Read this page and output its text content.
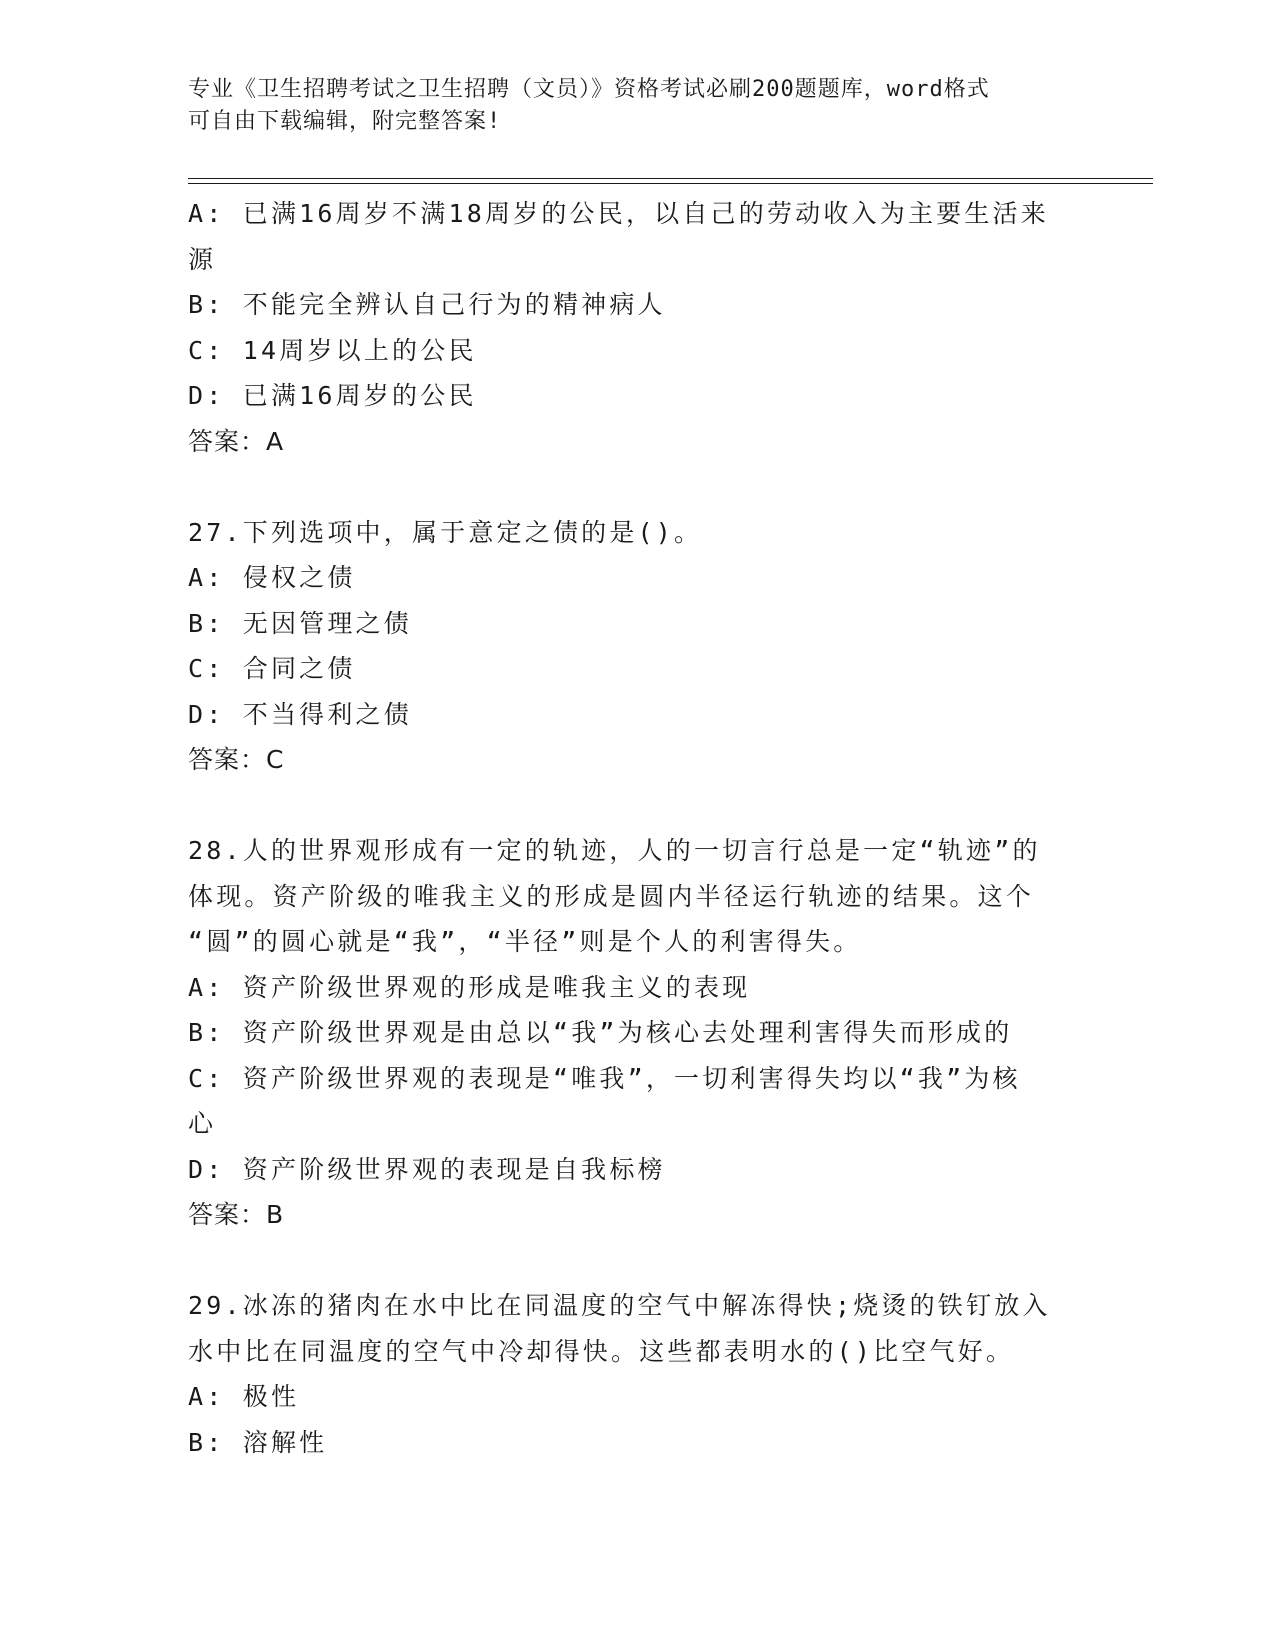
专业《卫生招聘考试之卫生招聘（文员）》资格考试必刷200题题库，word格式
可自由下载编辑，附完整答案!
A: 已满16周岁不满18周岁的公民，以自己的劳动收入为主要生活来
源
B: 不能完全辨认自己行为的精神病人
C: 14周岁以上的公民
D: 已满16周岁的公民
答案：A
27.下列选项中，属于意定之债的是()。
A: 侵权之债
B: 无因管理之债
C: 合同之债
D: 不当得利之债
答案：C
28.人的世界观形成有一定的轨迹，人的一切言行总是一定“轨迹”的
体现。资产阶级的唯我主义的形成是圆内半径运行轨迹的结果。这个
“圆”的圆心就是“我”，“半径”则是个人的利害得失。
A: 资产阶级世界观的形成是唯我主义的表现
B: 资产阶级世界观是由总以“我”为核心去处理利害得失而形成的
C: 资产阶级世界观的表现是“唯我”，一切利害得失均以“我”为核
心
D: 资产阶级世界观的表现是自我标榜
答案：B
29.冰冻的猪肉在水中比在同温度的空气中解冻得快;烧烫的铁钉放入
水中比在同温度的空气中冷却得快。这些都表明水的()比空气好。
A: 极性
B: 溶解性
